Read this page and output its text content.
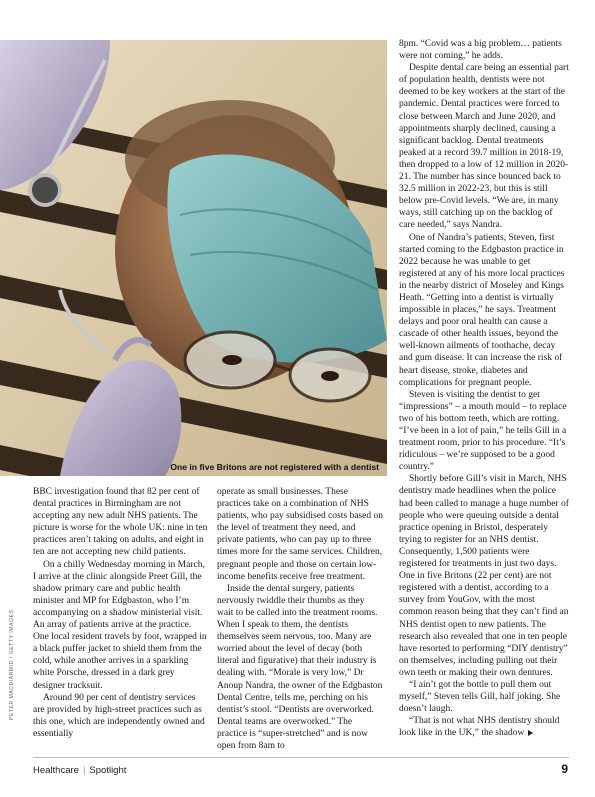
One in five Britons are not registered with a dentist
PETER MACDIARMID / GETTY IMAGES

BBC investigation found that 82 per cent of dental practices in Birmingham are not accepting any new adult NHS patients. The picture is worse for the whole UK: nine in ten practices aren’t taking on adults, and eight in ten are not accepting new child patients.

On a chilly Wednesday morning in March, I arrive at the clinic alongside Preet Gill, the shadow primary care and public health minister and MP for Edgbaston, who I’m accompanying on a shadow ministerial visit. An array of patients arrive at the practice. One local resident travels by foot, wrapped in a black puffer jacket to shield them from the cold, while another arrives in a sparkling white Porsche, dressed in a dark grey designer tracksuit.

Around 90 per cent of dentistry services are provided by high-street practices such as this one, which are independently owned and essentially

operate as small businesses. These practices take on a combination of NHS patients, who pay subsidised costs based on the level of treatment they need, and private patients, who can pay up to three times more for the same services. Children, pregnant people and those on certain low-income benefits receive free treatment.

Inside the dental surgery, patients nervously twiddle their thumbs as they wait to be called into the treatment rooms. When I speak to them, the dentists themselves seem nervous, too. Many are worried about the level of decay (both literal and figurative) that their industry is dealing with. “Morale is very low,” Dr Anoup Nandra, the owner of the Edgbaston Dental Centre, tells me, perching on his dentist’s stool. “Dentists are overworked. Dental teams are overworked.” The practice is “super-stretched” and is now open from 8am to

8pm. “Covid was a big problem… patients were not coming,” he adds.

Despite dental care being an essential part of population health, dentists were not deemed to be key workers at the start of the pandemic. Dental practices were forced to close between March and June 2020, and appointments sharply declined, causing a significant backlog. Dental treatments peaked at a record 39.7 million in 2018-19, then dropped to a low of 12 million in 2020-21. The number has since bounced back to 32.5 million in 2022-23, but this is still below pre-Covid levels. “We are, in many ways, still catching up on the backlog of care needed,” says Nandra.

One of Nandra’s patients, Steven, first started coming to the Edgbaston practice in 2022 because he was unable to get registered at any of his more local practices in the nearby district of Moseley and Kings Heath. “Getting into a dentist is virtually impossible in places,” he says. Treatment delays and poor oral health can cause a cascade of other health issues, beyond the well-known ailments of toothache, decay and gum disease. It can increase the risk of heart disease, stroke, diabetes and complications for pregnant people.

Steven is visiting the dentist to get “impressions” – a mouth mould – to replace two of his bottom teeth, which are rotting. “I’ve been in a lot of pain,” he tells Gill in a treatment room, prior to his procedure. “It’s ridiculous – we’re supposed to be a good country.”

Shortly before Gill’s visit in March, NHS dentistry made headlines when the police had been called to manage a huge number of people who were queuing outside a dental practice opening in Bristol, desperately trying to register for an NHS dentist. Consequently, 1,500 patients were registered for treatments in just two days. One in five Britons (22 per cent) are not registered with a dentist, according to a survey from YouGov, with the most common reason being that they can’t find an NHS dentist open to new patients. The research also revealed that one in ten people have resorted to performing “DIY dentistry” on themselves, including pulling out their own teeth or making their own dentures.

“I ain’t got the bottle to pull them out myself,” Steven tells Gill, half joking. She doesn’t laugh.

“That is not what NHS dentistry should look like in the UK,” the shadow

Healthcare | Spotlight	9
